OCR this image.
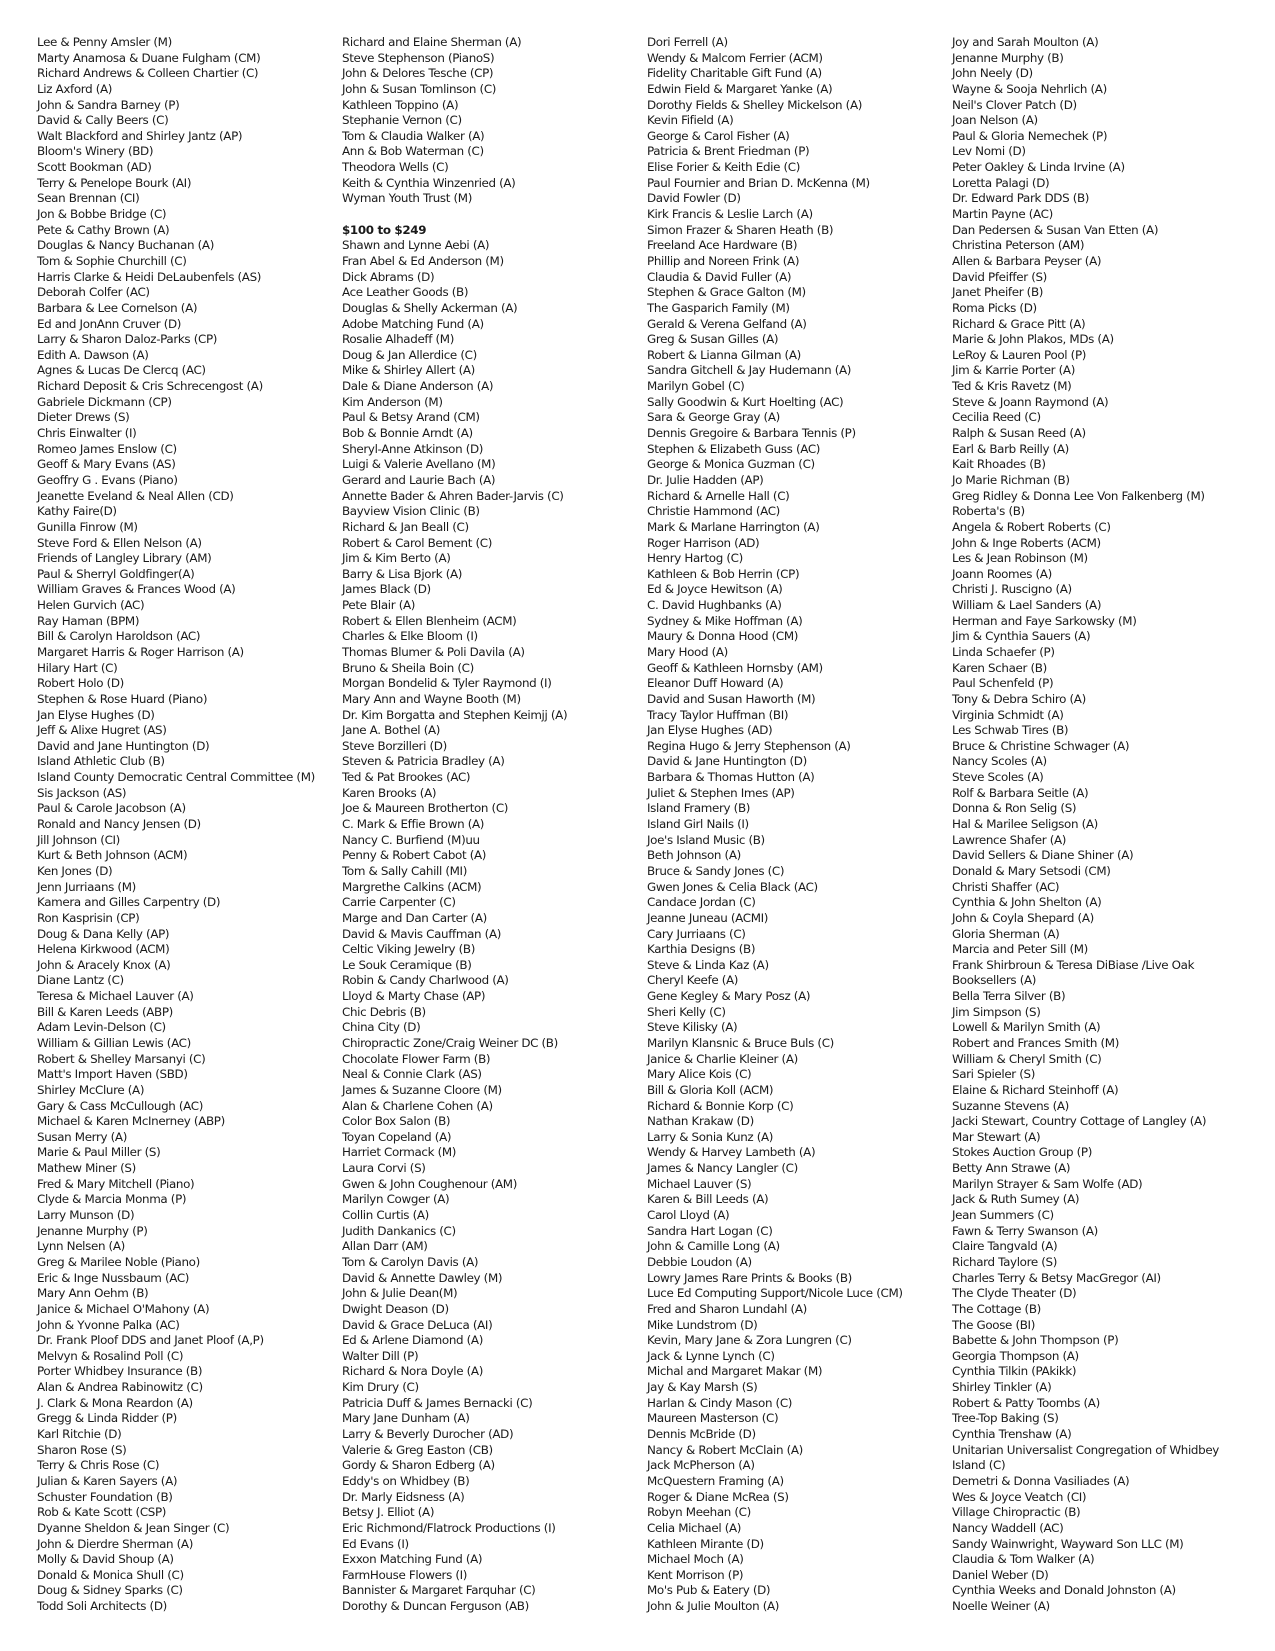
Lee & Penny Amsler (M)
Marty Anamosa & Duane Fulgham (CM)
Richard Andrews & Colleen Chartier (C)
Liz Axford (A)
John & Sandra Barney (P)
David & Cally Beers (C)
Walt Blackford and Shirley Jantz (AP)
Bloom's Winery (BD)
Scott Bookman (AD)
Terry & Penelope Bourk (AI)
Sean Brennan (CI)
Jon & Bobbe Bridge (C)
Pete & Cathy Brown (A)
Douglas & Nancy Buchanan (A)
Tom & Sophie Churchill (C)
Harris Clarke & Heidi DeLaubenfels (AS)
Deborah Colfer (AC)
Barbara & Lee Cornelson (A)
Ed and JonAnn Cruver (D)
Larry & Sharon Daloz-Parks (CP)
Edith A. Dawson (A)
Agnes & Lucas De Clercq (AC)
Richard Deposit & Cris Schrecengost (A)
Gabriele Dickmann (CP)
Dieter Drews (S)
Chris Einwalter (I)
Romeo James Enslow (C)
Geoff & Mary Evans (AS)
Geoffry G . Evans (Piano)
Jeanette Eveland & Neal Allen (CD)
Kathy Faire(D)
Gunilla Finrow (M)
Steve Ford & Ellen Nelson (A)
Friends of Langley Library (AM)
Paul & Sherryl Goldfinger(A)
William Graves & Frances Wood (A)
Helen Gurvich (AC)
Ray Haman (BPM)
Bill & Carolyn Haroldson (AC)
Margaret Harris & Roger Harrison (A)
Hilary Hart (C)
Robert Holo (D)
Stephen & Rose Huard (Piano)
Jan Elyse Hughes (D)
Jeff & Alixe Hugret (AS)
David and Jane Huntington (D)
Island Athletic Club (B)
Island County Democratic Central Committee (M)
Sis Jackson (AS)
Paul & Carole Jacobson (A)
Ronald and Nancy Jensen (D)
Jill Johnson (CI)
Kurt & Beth Johnson (ACM)
Ken Jones (D)
Jenn Jurriaans (M)
Kamera and Gilles Carpentry (D)
Ron Kasprisin (CP)
Doug & Dana Kelly (AP)
Helena Kirkwood (ACM)
John & Aracely Knox (A)
Diane Lantz (C)
Teresa & Michael Lauver (A)
Bill & Karen Leeds (ABP)
Adam Levin-Delson (C)
William & Gillian Lewis (AC)
Robert & Shelley Marsanyi (C)
Matt's Import Haven (SBD)
Shirley McClure (A)
Gary & Cass McCullough (AC)
Michael & Karen McInerney (ABP)
Susan Merry (A)
Marie & Paul Miller (S)
Mathew Miner (S)
Fred & Mary Mitchell (Piano)
Clyde & Marcia Monma (P)
Larry Munson (D)
Jenanne Murphy (P)
Lynn Nelsen (A)
Greg & Marilee Noble (Piano)
Eric & Inge Nussbaum (AC)
Mary Ann Oehm (B)
Janice & Michael O'Mahony (A)
John & Yvonne Palka (AC)
Dr. Frank Ploof DDS and Janet Ploof (A,P)
Melvyn & Rosalind Poll (C)
Porter Whidbey Insurance (B)
Alan & Andrea Rabinowitz (C)
J. Clark & Mona Reardon (A)
Gregg & Linda Ridder (P)
Karl Ritchie (D)
Sharon Rose (S)
Terry & Chris Rose (C)
Julian & Karen Sayers (A)
Schuster Foundation (B)
Rob & Kate Scott (CSP)
Dyanne Sheldon & Jean Singer (C)
John & Dierdre Sherman (A)
Molly & David Shoup (A)
Donald & Monica Shull (C)
Doug & Sidney Sparks (C)
Todd Soli Architects (D)
Richard and Elaine Sherman (A)
Steve Stephenson (PianoS)
John & Delores Tesche (CP)
John & Susan Tomlinson (C)
Kathleen Toppino (A)
Stephanie Vernon (C)
Tom & Claudia Walker (A)
Ann & Bob Waterman (C)
Theodora Wells (C)
Keith & Cynthia Winzenried (A)
Wyman Youth Trust (M)
$100 to $249
Shawn and Lynne Aebi (A)
Fran Abel & Ed Anderson (M)
Dick Abrams (D)
Ace Leather Goods (B)
Douglas & Shelly Ackerman (A)
Adobe Matching Fund (A)
Rosalie Alhadeff (M)
Doug & Jan Allerdice (C)
Mike & Shirley Allert (A)
Dale & Diane Anderson (A)
Kim Anderson (M)
Paul & Betsy Arand (CM)
Bob & Bonnie Arndt (A)
Sheryl-Anne Atkinson (D)
Luigi & Valerie Avellano (M)
Gerard and Laurie Bach (A)
Annette Bader & Ahren Bader-Jarvis (C)
Bayview Vision Clinic (B)
Richard & Jan Beall (C)
Robert & Carol Bement (C)
Jim & Kim Berto (A)
Barry & Lisa Bjork (A)
James Black (D)
Pete Blair (A)
Robert & Ellen Blenheim (ACM)
Charles & Elke Bloom (I)
Thomas Blumer & Poli Davila (A)
Bruno & Sheila Boin (C)
Morgan Bondelid & Tyler Raymond (I)
Mary Ann and Wayne Booth (M)
Dr. Kim Borgatta and Stephen Keimjj (A)
Jane A. Bothel (A)
Steve Borzilleri (D)
Steven & Patricia Bradley (A)
Ted & Pat Brookes (AC)
Karen Brooks (A)
Joe & Maureen Brotherton (C)
C. Mark & Effie Brown (A)
Nancy C. Burfiend (M)uu
Penny & Robert Cabot (A)
Tom & Sally Cahill (MI)
Margrethe Calkins (ACM)
Carrie Carpenter (C)
Marge and Dan Carter (A)
David & Mavis Cauffman (A)
Celtic Viking Jewelry (B)
Le Souk Ceramique (B)
Robin & Candy Charlwood (A)
Lloyd & Marty Chase (AP)
Chic Debris (B)
China City (D)
Chiropractic Zone/Craig Weiner DC (B)
Chocolate Flower Farm (B)
Neal & Connie Clark (AS)
James & Suzanne Cloore (M)
Alan & Charlene Cohen (A)
Color Box Salon (B)
Toyan Copeland (A)
Harriet Cormack (M)
Laura Corvi (S)
Gwen & John Coughenour (AM)
Marilyn Cowger (A)
Collin Curtis (A)
Judith Dankanics (C)
Allan Darr (AM)
Tom & Carolyn Davis (A)
David & Annette Dawley (M)
John & Julie Dean(M)
Dwight Deason (D)
David & Grace DeLuca (AI)
Ed & Arlene Diamond (A)
Walter Dill (P)
Richard & Nora Doyle (A)
Kim Drury (C)
Patricia Duff & James Bernacki (C)
Mary Jane Dunham (A)
Larry & Beverly Durocher (AD)
Valerie & Greg Easton (CB)
Gordy & Sharon Edberg (A)
Eddy's on Whidbey (B)
Dr. Marly Eidsness (A)
Betsy J. Elliot (A)
Eric Richmond/Flatrock Productions (I)
Ed Evans (I)
Exxon Matching Fund (A)
FarmHouse Flowers (I)
Bannister & Margaret Farquhar (C)
Dorothy & Duncan Ferguson (AB)
Dori Ferrell (A)
Wendy & Malcom Ferrier (ACM)
Fidelity Charitable Gift Fund (A)
Edwin Field & Margaret Yanke (A)
Dorothy Fields & Shelley Mickelson (A)
Kevin Fifield (A)
George & Carol Fisher (A)
Patricia & Brent Friedman (P)
Elise Forier & Keith Edie (C)
Paul Fournier and Brian D. McKenna (M)
David Fowler (D)
Kirk Francis & Leslie Larch (A)
Simon Frazer & Sharen Heath (B)
Freeland Ace Hardware (B)
Phillip and Noreen Frink (A)
Claudia & David Fuller (A)
Stephen & Grace Galton (M)
The Gasparich Family (M)
Gerald & Verena Gelfand (A)
Greg & Susan Gilles (A)
Robert & Lianna Gilman (A)
Sandra Gitchell & Jay Hudemann (A)
Marilyn Gobel (C)
Sally Goodwin & Kurt Hoelting (AC)
Sara & George Gray (A)
Dennis Gregoire & Barbara Tennis (P)
Stephen & Elizabeth Guss (AC)
George & Monica Guzman (C)
Dr. Julie Hadden (AP)
Richard & Arnelle Hall (C)
Christie Hammond (AC)
Mark & Marlane Harrington (A)
Roger Harrison (AD)
Henry Hartog (C)
Kathleen & Bob Herrin (CP)
Ed & Joyce Hewitson (A)
C. David Hughbanks (A)
Sydney & Mike Hoffman (A)
Maury & Donna Hood (CM)
Mary Hood (A)
Geoff & Kathleen Hornsby (AM)
Eleanor Duff Howard (A)
David and Susan Haworth (M)
Tracy Taylor Huffman (BI)
Jan Elyse Hughes (AD)
Regina Hugo & Jerry Stephenson (A)
David & Jane Huntington (D)
Barbara & Thomas Hutton (A)
Juliet & Stephen Imes (AP)
Island Framery (B)
Island Girl Nails (I)
Joe's Island Music (B)
Beth Johnson (A)
Bruce & Sandy Jones (C)
Gwen Jones & Celia Black (AC)
Candace Jordan (C)
Jeanne Juneau (ACMI)
Cary Jurriaans (C)
Karthia Designs (B)
Steve & Linda Kaz (A)
Cheryl Keefe (A)
Gene Kegley & Mary Posz (A)
Sheri Kelly (C)
Steve Kilisky (A)
Marilyn Klansnic & Bruce Buls (C)
Janice & Charlie Kleiner (A)
Mary Alice Kois (C)
Bill & Gloria Koll (ACM)
Richard & Bonnie Korp (C)
Nathan Krakaw (D)
Larry & Sonia Kunz (A)
Wendy & Harvey Lambeth (A)
James & Nancy Langler (C)
Michael Lauver (S)
Karen & Bill Leeds (A)
Carol Lloyd (A)
Sandra Hart Logan (C)
John & Camille Long (A)
Debbie Loudon (A)
Lowry James Rare Prints & Books (B)
Luce Ed Computing Support/Nicole Luce (CM)
Fred and Sharon Lundahl (A)
Mike Lundstrom (D)
Kevin, Mary Jane & Zora Lungren (C)
Jack & Lynne Lynch (C)
Michal and Margaret Makar (M)
Jay & Kay Marsh (S)
Harlan & Cindy Mason (C)
Maureen Masterson (C)
Dennis McBride (D)
Nancy & Robert McClain (A)
Jack McPherson (A)
McQuestern Framing (A)
Roger & Diane McRea (S)
Robyn Meehan (C)
Celia Michael (A)
Kathleen Mirante (D)
Michael Moch (A)
Kent Morrison (P)
Mo's Pub & Eatery (D)
John & Julie Moulton (A)
Joy and Sarah Moulton (A)
Jenanne Murphy (B)
John Neely (D)
Wayne & Sooja Nehrlich (A)
Neil's Clover Patch (D)
Joan Nelson (A)
Paul & Gloria Nemechek (P)
Lev Nomi (D)
Peter Oakley & Linda Irvine (A)
Loretta Palagi (D)
Dr. Edward Park DDS (B)
Martin Payne (AC)
Dan Pedersen & Susan Van Etten (A)
Christina Peterson (AM)
Allen & Barbara Peyser (A)
David Pfeiffer (S)
Janet Pheifer (B)
Roma Picks (D)
Richard & Grace Pitt (A)
Marie & John Plakos, MDs (A)
LeRoy & Lauren Pool (P)
Jim & Karrie Porter (A)
Ted & Kris Ravetz (M)
Steve & Joann Raymond (A)
Cecilia Reed (C)
Ralph & Susan Reed (A)
Earl & Barb Reilly (A)
Kait Rhoades (B)
Jo Marie Richman (B)
Greg Ridley & Donna Lee Von Falkenberg (M)
Roberta's (B)
Angela & Robert Roberts (C)
John & Inge Roberts (ACM)
Les & Jean Robinson (M)
Joann Roomes (A)
Christi J. Ruscigno (A)
William & Lael Sanders (A)
Herman and Faye Sarkowsky (M)
Jim & Cynthia Sauers (A)
Linda Schaefer (P)
Karen Schaer (B)
Paul Schenfeld (P)
Tony & Debra Schiro (A)
Virginia Schmidt (A)
Les Schwab Tires (B)
Bruce & Christine Schwager (A)
Nancy Scoles (A)
Steve Scoles (A)
Rolf & Barbara Seitle (A)
Donna & Ron Selig (S)
Hal & Marilee Seligson (A)
Lawrence Shafer (A)
David Sellers & Diane Shiner (A)
Donald & Mary Setsodi (CM)
Christi Shaffer (AC)
Cynthia & John Shelton (A)
John & Coyla Shepard (A)
Gloria Sherman (A)
Marcia and Peter Sill (M)
Frank Shirbroun & Teresa DiBiase /Live Oak
Booksellers (A)
Bella Terra Silver (B)
Jim Simpson (S)
Lowell & Marilyn Smith (A)
Robert and Frances Smith (M)
William & Cheryl Smith (C)
Sari Spieler (S)
Elaine & Richard Steinhoff (A)
Suzanne Stevens (A)
Jacki Stewart, Country Cottage of Langley (A)
Mar Stewart (A)
Stokes Auction Group (P)
Betty Ann Strawe (A)
Marilyn Strayer & Sam Wolfe (AD)
Jack & Ruth Sumey (A)
Jean Summers (C)
Fawn & Terry Swanson (A)
Claire Tangvald (A)
Richard Taylore (S)
Charles Terry & Betsy MacGregor (AI)
The Clyde Theater (D)
The Cottage (B)
The Goose (BI)
Babette & John Thompson (P)
Georgia Thompson (A)
Cynthia Tilkin (PAkikk)
Shirley Tinkler (A)
Robert & Patty Toombs (A)
Tree-Top Baking (S)
Cynthia Trenshaw (A)
Unitarian Universalist Congregation of Whidbey
Island (C)
Demetri & Donna Vasiliades (A)
Wes & Joyce Veatch (CI)
Village Chiropractic (B)
Nancy Waddell (AC)
Sandy Wainwright, Wayward Son LLC (M)
Claudia & Tom Walker (A)
Daniel Weber (D)
Cynthia Weeks and Donald Johnston (A)
Noelle Weiner (A)
